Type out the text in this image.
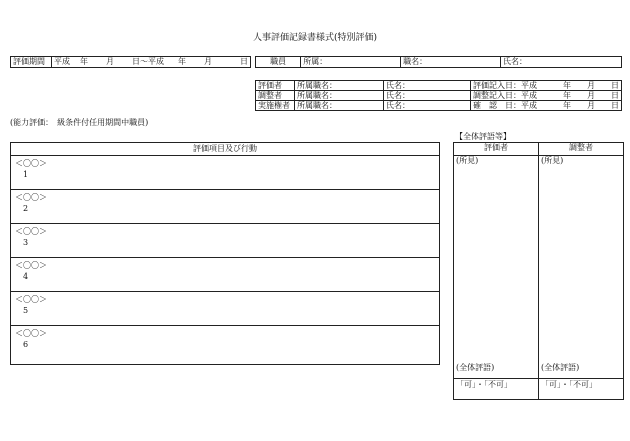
人事評価記録書様式(特別評価)
評価期間	平成	年	月	日～平成	年	月	日	職員	所属：	職名：	氏名：
評価者	所属職名：	氏名：	評価記入日：平成	年	月	日
調整者	所属職名：	氏名：	調整記入日：平成	年	月	日
実施権者	所属職名：	氏名：	確　認　日：平成	年	月	日
(能力評価：　級条件付任用期間中職員)
【全体評語等】
評価項目及び行動
＜〇〇＞
1
＜〇〇＞
2
＜〇〇＞
3
＜〇〇＞
4
＜〇〇＞
5
＜〇〇＞
6
評価者	調整者
(所見)	(所見)
(全体評語)	(全体評語)
「可」・「不可」	「可」・「不可」
